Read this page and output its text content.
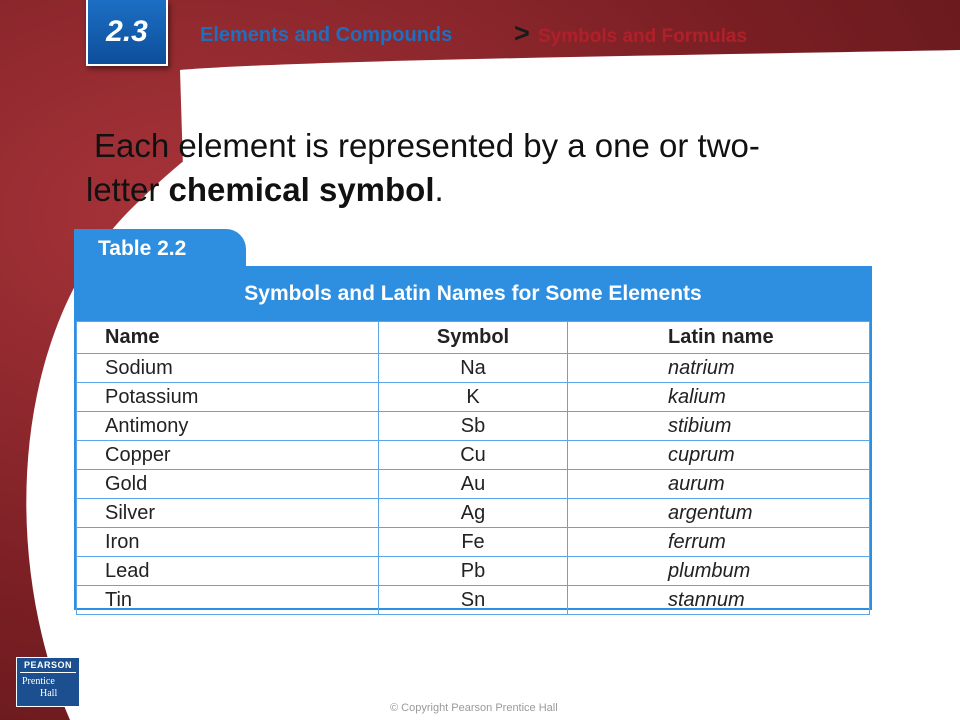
2.3	Elements and Compounds > Symbols and Formulas
Each element is represented by a one or two-
letter chemical symbol.
Table 2.2
Symbols and Latin Names for Some Elements
Name	Symbol	Latin name
Sodium	Na	natrium
Potassium	K	kalium
Antimony	Sb	stibium
Copper	Cu	cuprum
Gold	Au	aurum
Silver	Ag	argentum
Iron	Fe	ferrum
Lead	Pb	plumbum
Tin	Sn	stannum
PEARSON
Prentice
Hall
© Copyright Pearson Prentice Hall
Slide
11 of 25
